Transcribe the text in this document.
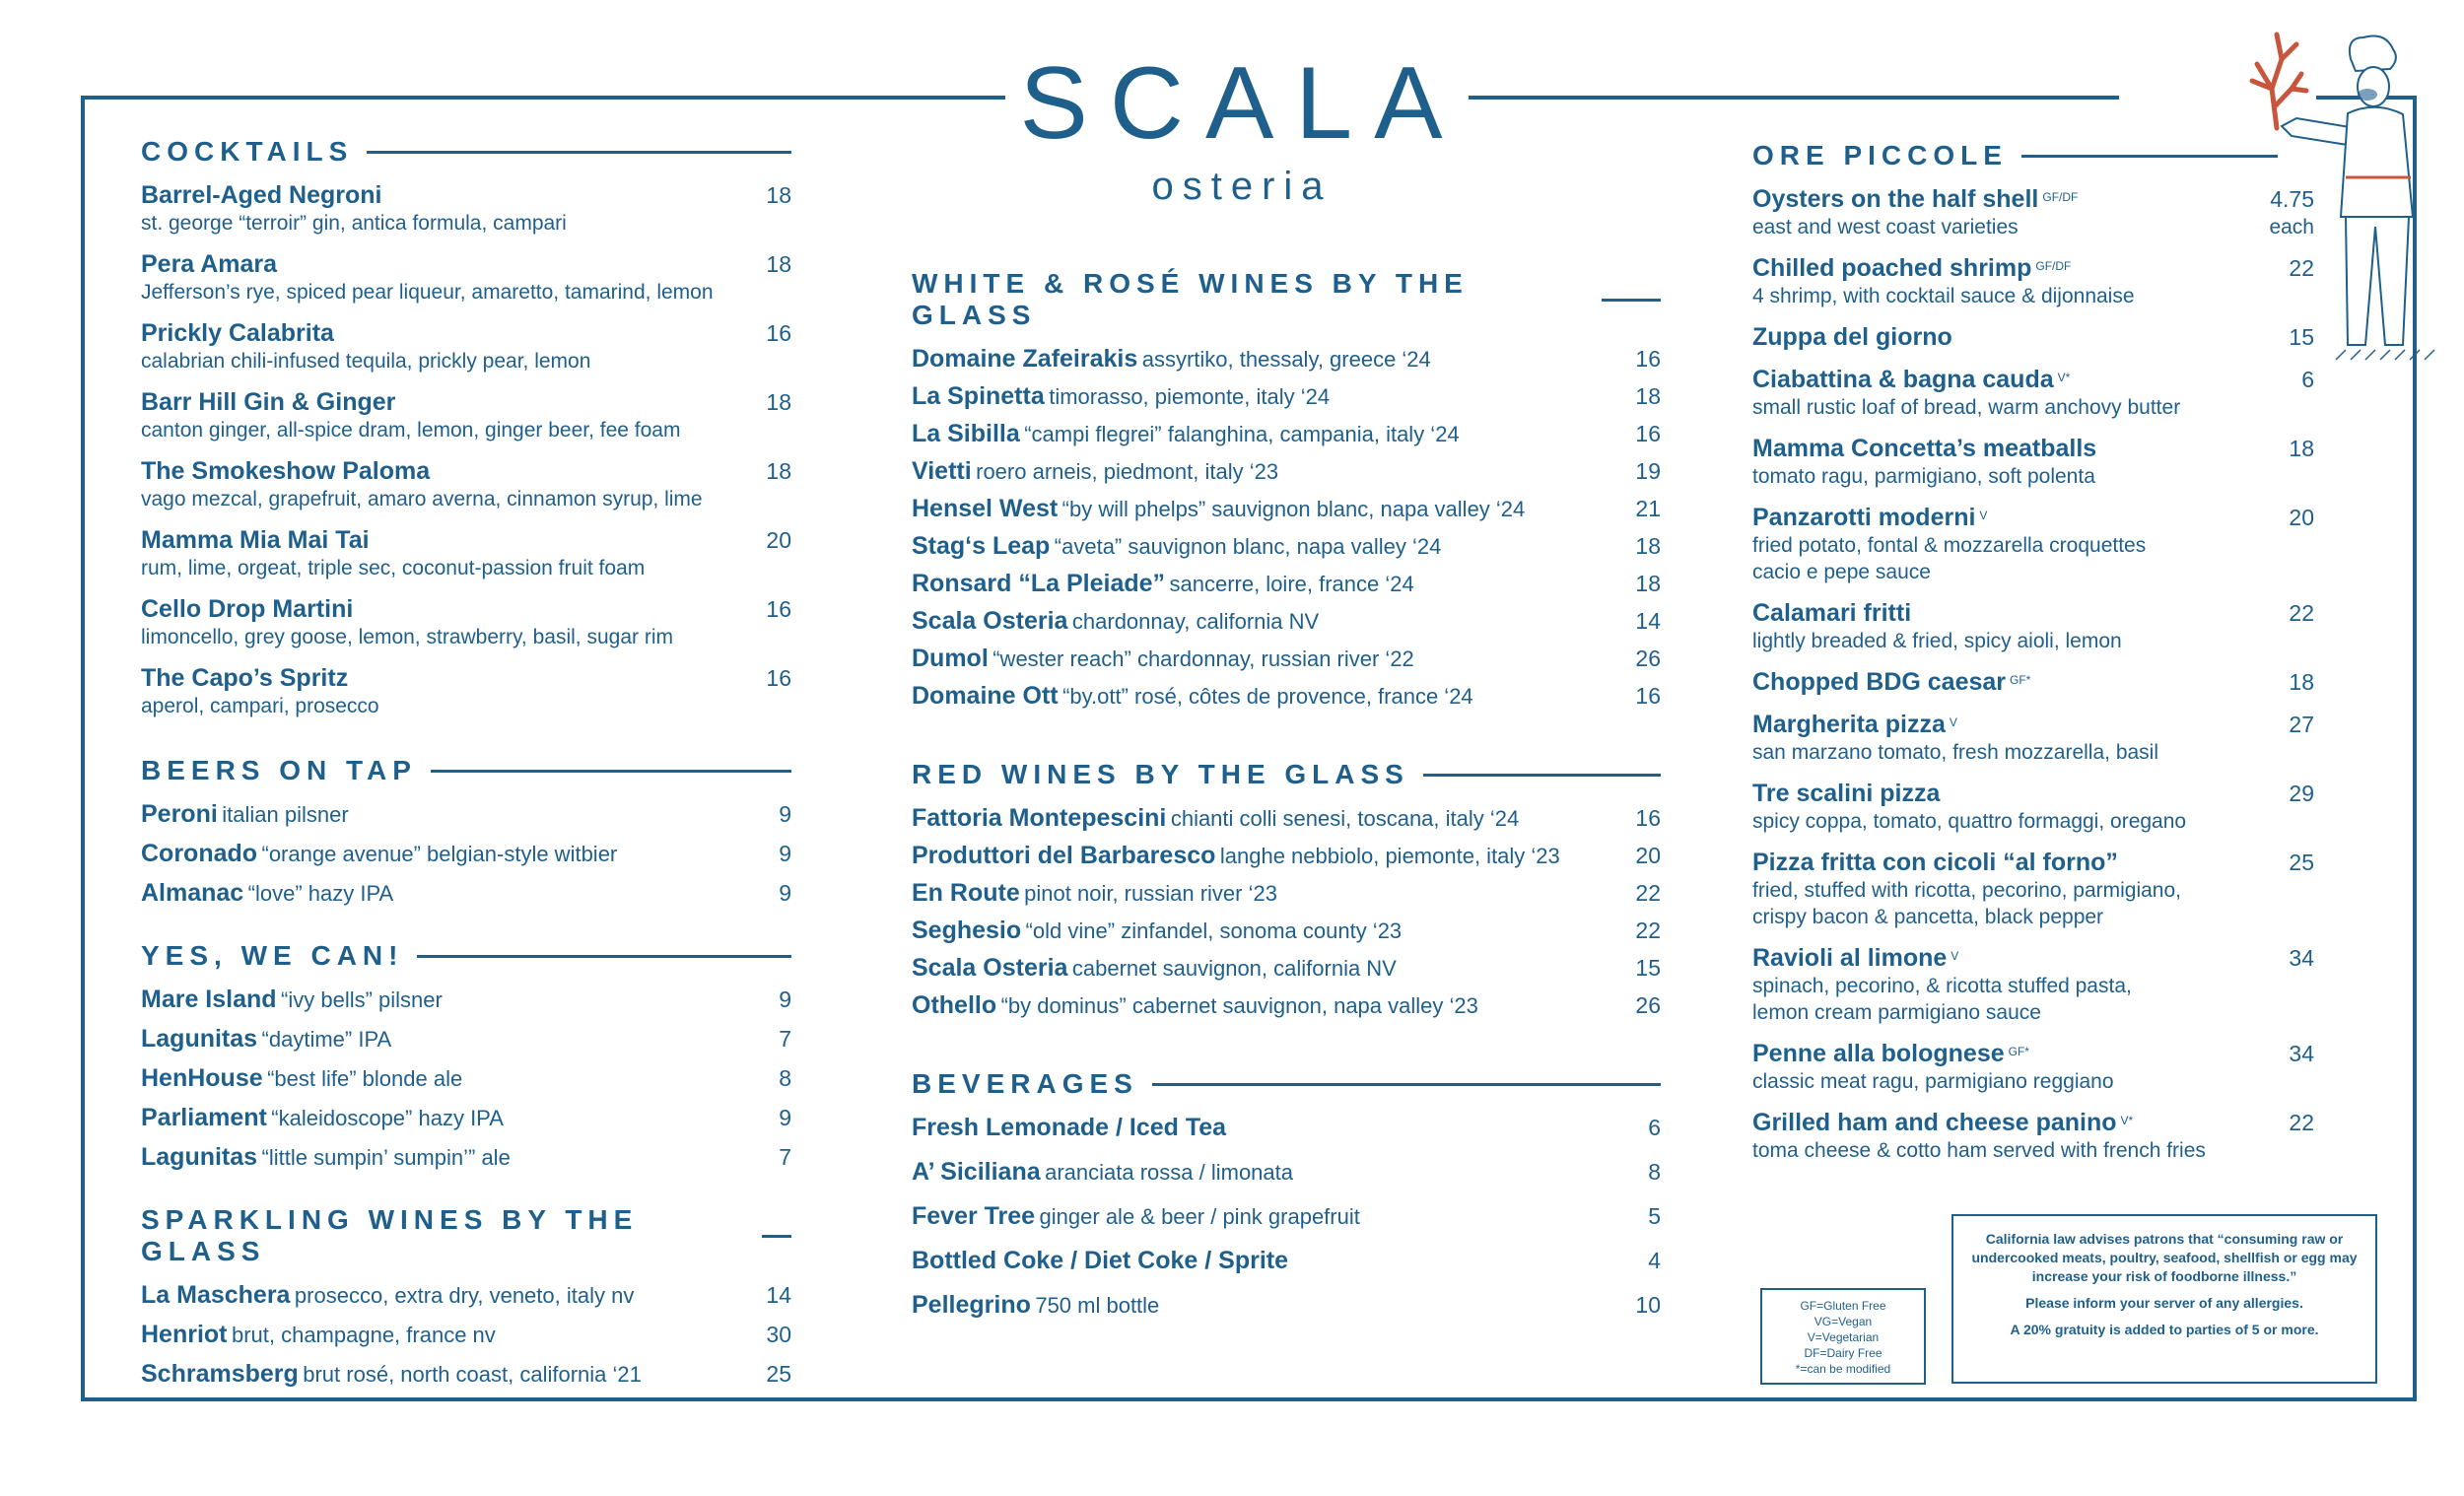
SCALA
osteria
COCKTAILS
Barrel-Aged Negroni	18
st. george “terroir” gin, antica formula, campari
Pera Amara	18
Jefferson’s rye, spiced pear liqueur, amaretto, tamarind, lemon
Prickly Calabrita	16
calabrian chili-infused tequila, prickly pear, lemon
Barr Hill Gin & Ginger	18
canton ginger, all-spice dram, lemon, ginger beer, fee foam
The Smokeshow Paloma	18
vago mezcal, grapefruit, amaro averna, cinnamon syrup, lime
Mamma Mia Mai Tai	20
rum, lime, orgeat, triple sec, coconut-passion fruit foam
Cello Drop Martini	16
limoncello, grey goose, lemon, strawberry, basil, sugar rim
The Capo’s Spritz	16
aperol, campari, prosecco
BEERS ON TAP
Peroni italian pilsner	9
Coronado “orange avenue” belgian-style witbier	9
Almanac “love” hazy IPA	9
YES, WE CAN!
Mare Island “ivy bells” pilsner	9
Lagunitas “daytime” IPA	7
HenHouse “best life” blonde ale	8
Parliament “kaleidoscope” hazy IPA	9
Lagunitas “little sumpin’ sumpin’” ale	7
SPARKLING WINES BY THE GLASS
La Maschera prosecco, extra dry, veneto, italy nv	14
Henriot brut, champagne, france nv	30
Schramsberg brut rosé, north coast, california ‘21	25
WHITE & ROSÉ WINES BY THE GLASS
Domaine Zafeirakis assyrtiko, thessaly, greece ‘24	16
La Spinetta timorasso, piemonte, italy ‘24	18
La Sibilla “campi flegrei” falanghina, campania, italy ‘24	16
Vietti roero arneis, piedmont, italy ‘23	19
Hensel West “by will phelps” sauvignon blanc, napa valley ‘24	21
Stag‘s Leap “aveta” sauvignon blanc, napa valley ‘24	18
Ronsard “La Pleiade” sancerre, loire, france ‘24	18
Scala Osteria chardonnay, california NV	14
Dumol “wester reach” chardonnay, russian river ‘22	26
Domaine Ott “by.ott” rosé, côtes de provence, france ‘24	16
RED WINES BY THE GLASS
Fattoria Montepescini chianti colli senesi, toscana, italy ‘24	16
Produttori del Barbaresco langhe nebbiolo, piemonte, italy ‘23	20
En Route pinot noir, russian river ‘23	22
Seghesio “old vine” zinfandel, sonoma county ‘23	22
Scala Osteria cabernet sauvignon, california NV	15
Othello “by dominus” cabernet sauvignon, napa valley ‘23	26
BEVERAGES
Fresh Lemonade / Iced Tea	6
A’ Siciliana aranciata rossa / limonata	8
Fever Tree ginger ale & beer / pink grapefruit	5
Bottled Coke / Diet Coke / Sprite	4
Pellegrino 750 ml bottle	10
ORE PICCOLE
Oysters on the half shell $^{GF/DF}$	4.75
east and west coast varieties	each
Chilled poached shrimp $^{GF/DF}$	22
4 shrimp, with cocktail sauce & dijonnaise
Zuppa del giorno	15
Ciabattina & bagna cauda $^{V*}$	6
small rustic loaf of bread, warm anchovy butter
Mamma Concetta’s meatballs	18
tomato ragu, parmigiano, soft polenta
Panzarotti moderni $^V$	20
fried potato, fontal & mozzarella croquettes
cacio e pepe sauce
Calamari fritti	22
lightly breaded & fried, spicy aioli, lemon
Chopped BDG caesar $^{GF*}$	18
Margherita pizza $^V$	27
san marzano tomato, fresh mozzarella, basil
Tre scalini pizza	29
spicy coppa, tomato, quattro formaggi, oregano
Pizza fritta con cicoli “al forno”	25
fried, stuffed with ricotta, pecorino, parmigiano,
crispy bacon & pancetta, black pepper
Ravioli al limone $^V$	34
spinach, pecorino, & ricotta stuffed pasta,
lemon cream parmigiano sauce
Penne alla bolognese $^{GF*}$	34
classic meat ragu, parmigiano reggiano
Grilled ham and cheese panino $^{V*}$	22
toma cheese & cotto ham served with french fries
GF=Gluten Free
VG=Vegan
V=Vegetarian
DF=Dairy Free
*=can be modified

California law advises patrons that “consuming raw or undercooked meats, poultry, seafood, shellfish or egg may increase your risk of foodborne illness.”

Please inform your server of any allergies.

A 20% gratuity is added to parties of 5 or more.
